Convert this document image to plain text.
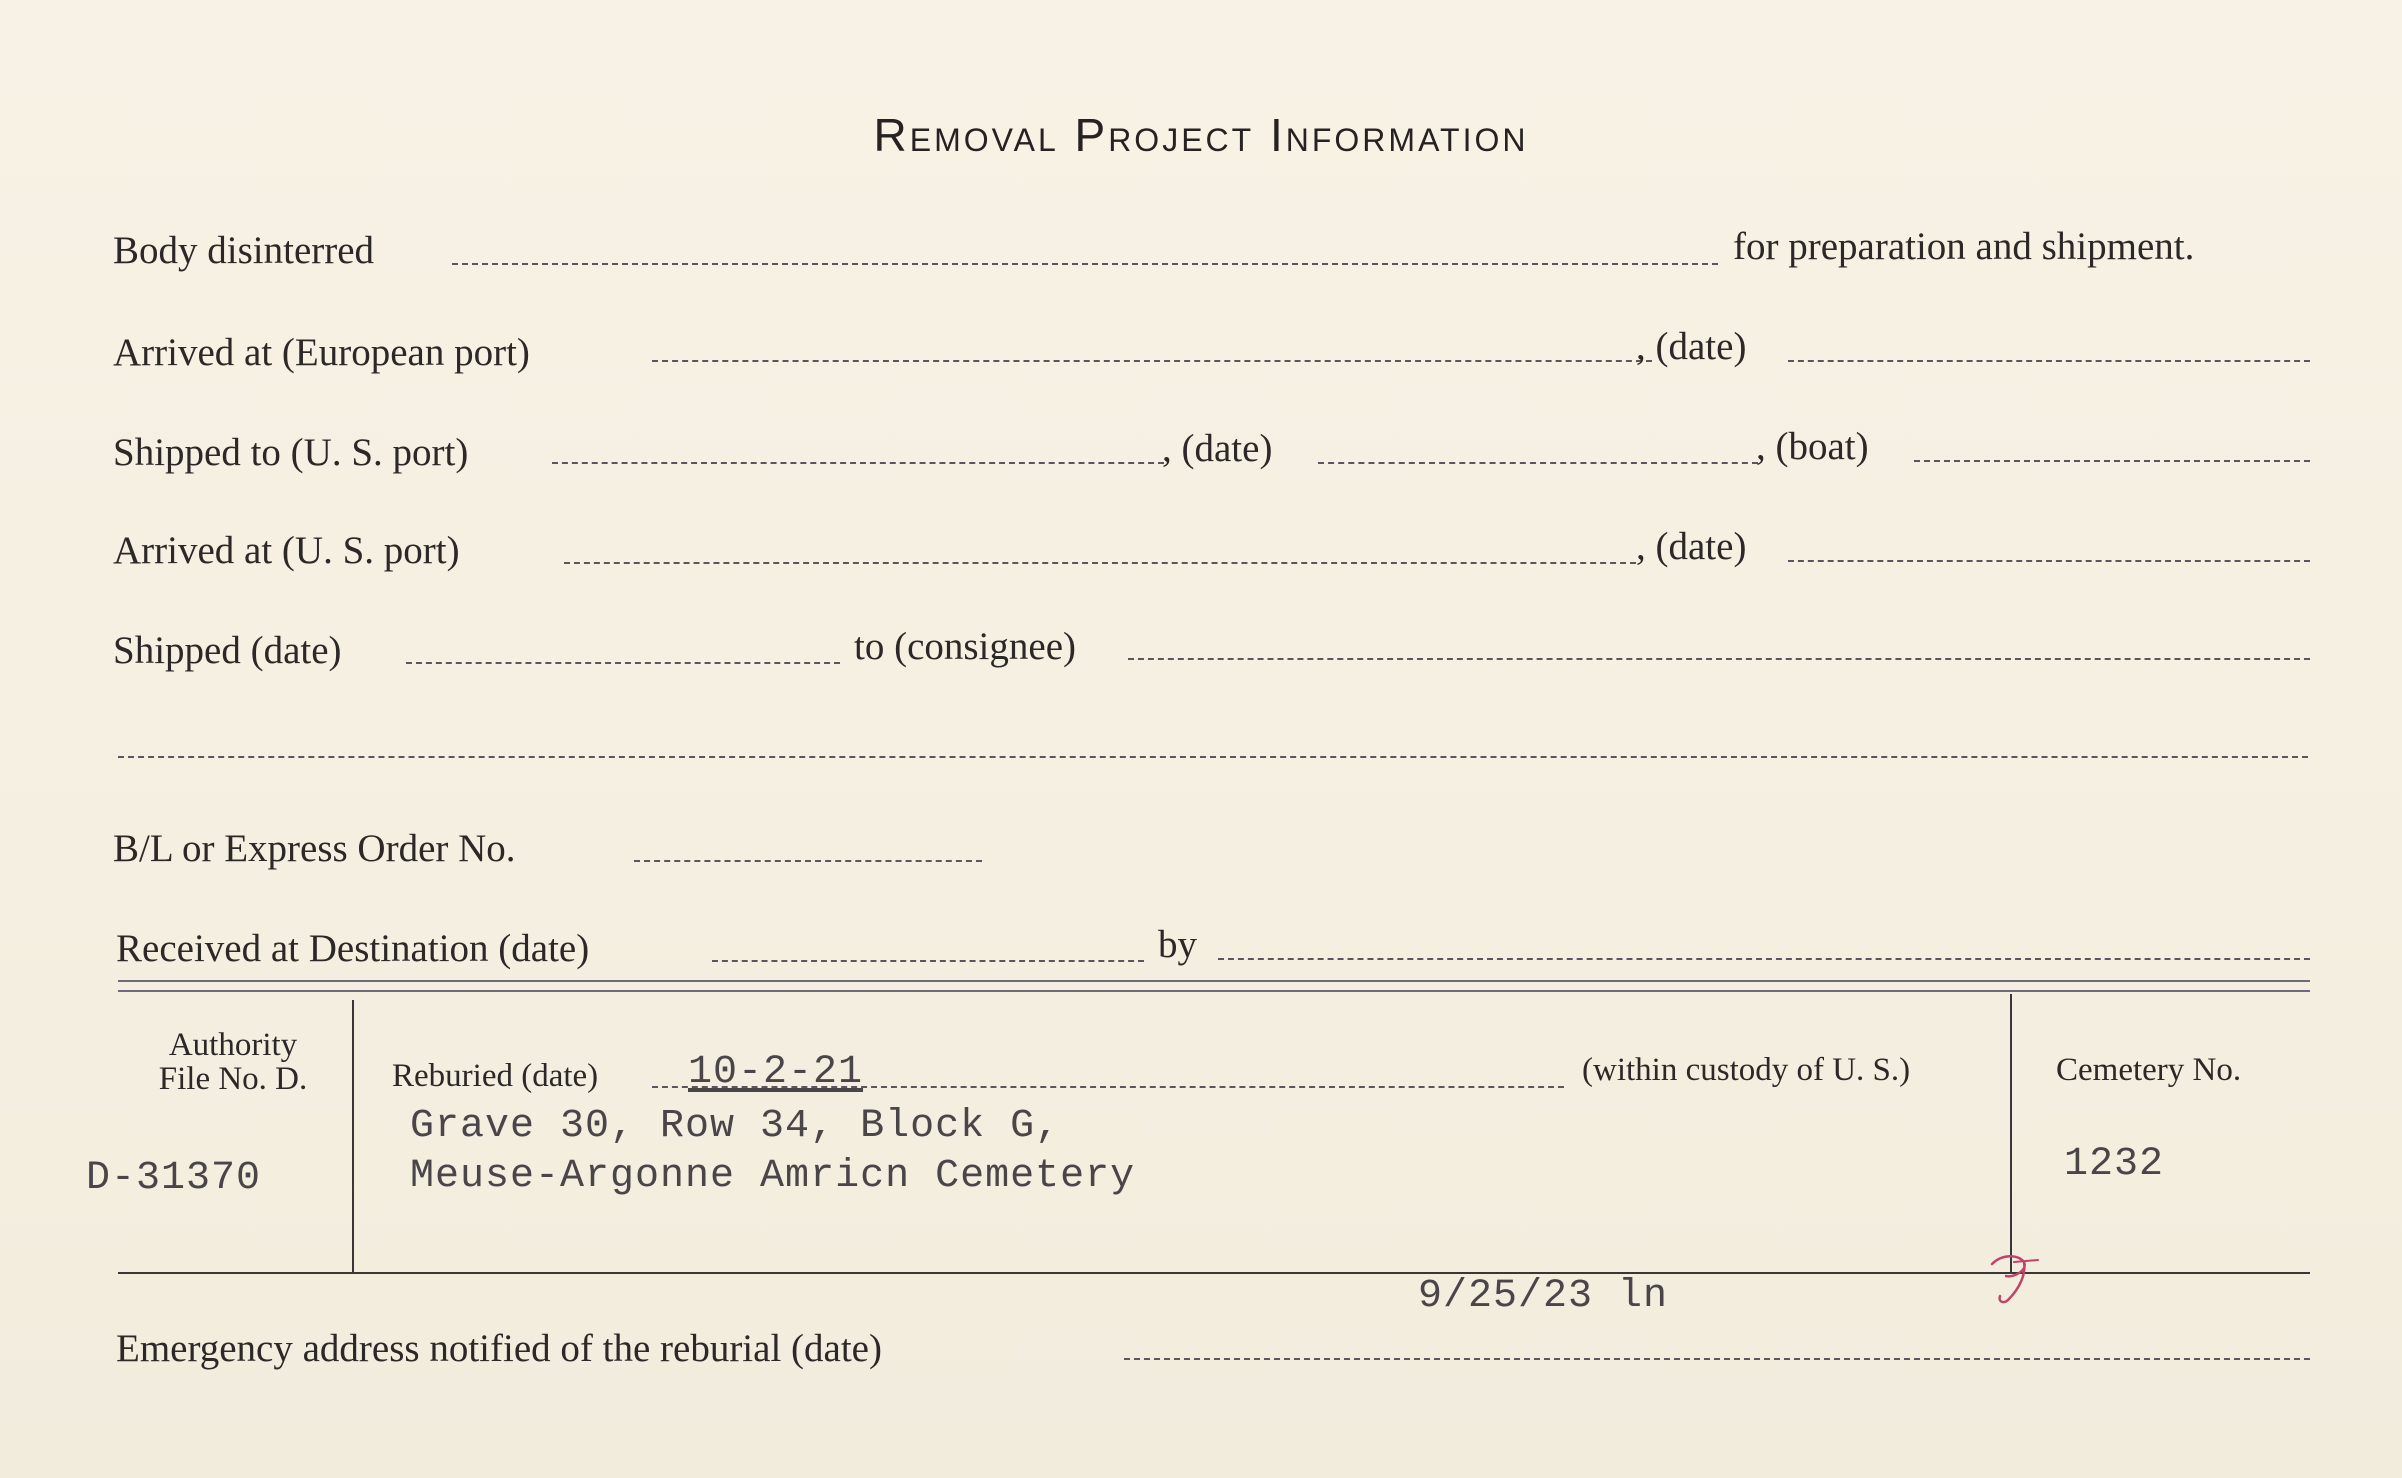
Removal Project Information
Body disinterred	for preparation and shipment.
Arrived at (European port)	, (date)
Shipped to (U. S. port)	, (date)	, (boat)
Arrived at (U. S. port)	, (date)
Shipped (date)	to (consignee)
B/L or Express Order No.
Received at Destination (date)	by
Authority
File No. D.
D-31370
Reburied (date) 10-2-21	(within custody of U. S.)
Grave 30, Row 34, Block G,
Meuse-Argonne Amricn Cemetery
Cemetery No.
1232
9/25/23 ln
Emergency address notified of the reburial (date)
